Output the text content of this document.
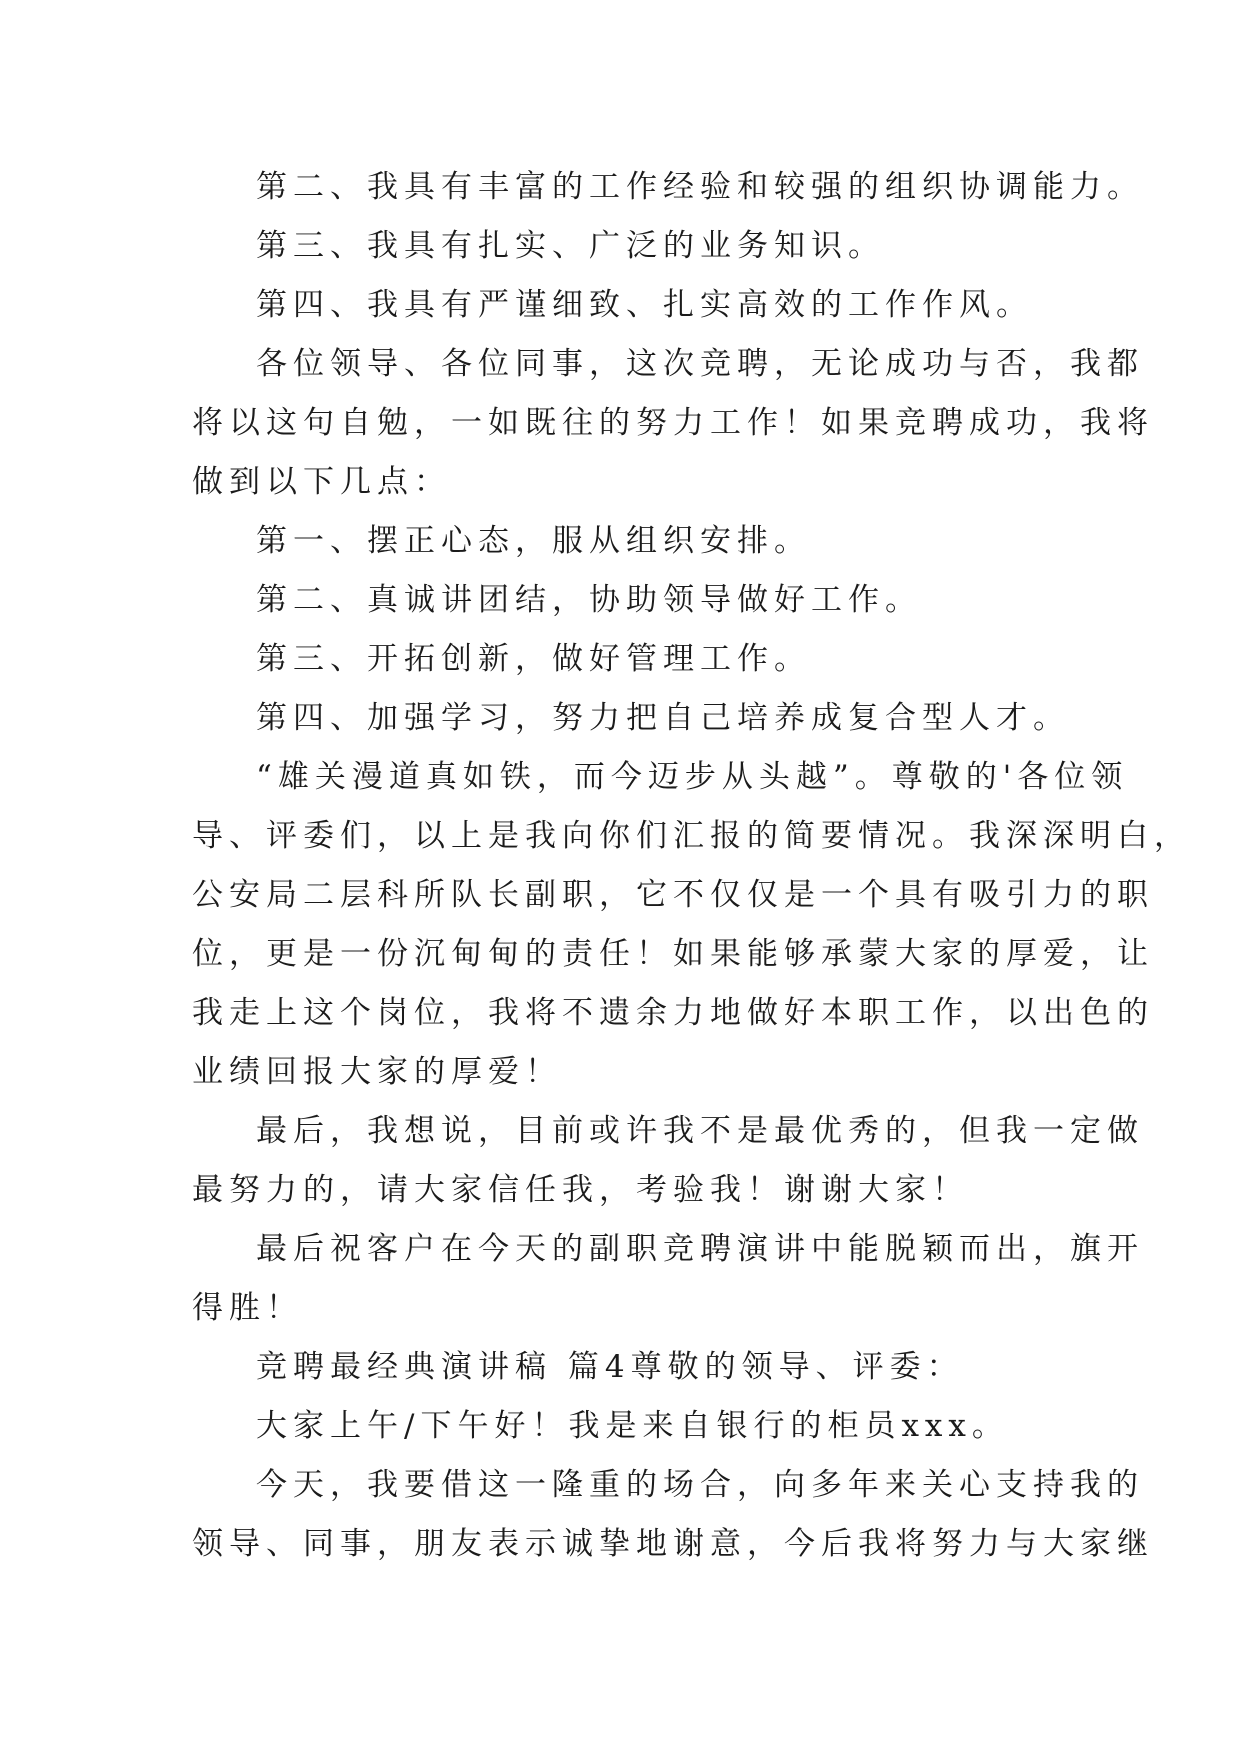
第二、我具有丰富的工作经验和较强的组织协调能力。
第三、我具有扎实、广泛的业务知识。
第四、我具有严谨细致、扎实高效的工作作风。
各位领导、各位同事，这次竞聘，无论成功与否，我都
将以这句自勉，一如既往的努力工作！如果竞聘成功，我将
做到以下几点：
第一、摆正心态，服从组织安排。
第二、真诚讲团结，协助领导做好工作。
第三、开拓创新，做好管理工作。
第四、加强学习，努力把自己培养成复合型人才。
“雄关漫道真如铁，而今迈步从头越”。尊敬的'各位领
导、评委们，以上是我向你们汇报的简要情况。我深深明白，
公安局二层科所队长副职，它不仅仅是一个具有吸引力的职
位，更是一份沉甸甸的责任！如果能够承蒙大家的厚爱，让
我走上这个岗位，我将不遗余力地做好本职工作，以出色的
业绩回报大家的厚爱！
最后，我想说，目前或许我不是最优秀的，但我一定做
最努力的，请大家信任我，考验我！谢谢大家！
最后祝客户在今天的副职竞聘演讲中能脱颖而出，旗开
得胜！
竞聘最经典演讲稿 篇4尊敬的领导、评委：
大家上午/下午好！我是来自银行的柜员xxx。
今天，我要借这一隆重的场合，向多年来关心支持我的
领导、同事，朋友表示诚挚地谢意，今后我将努力与大家继
